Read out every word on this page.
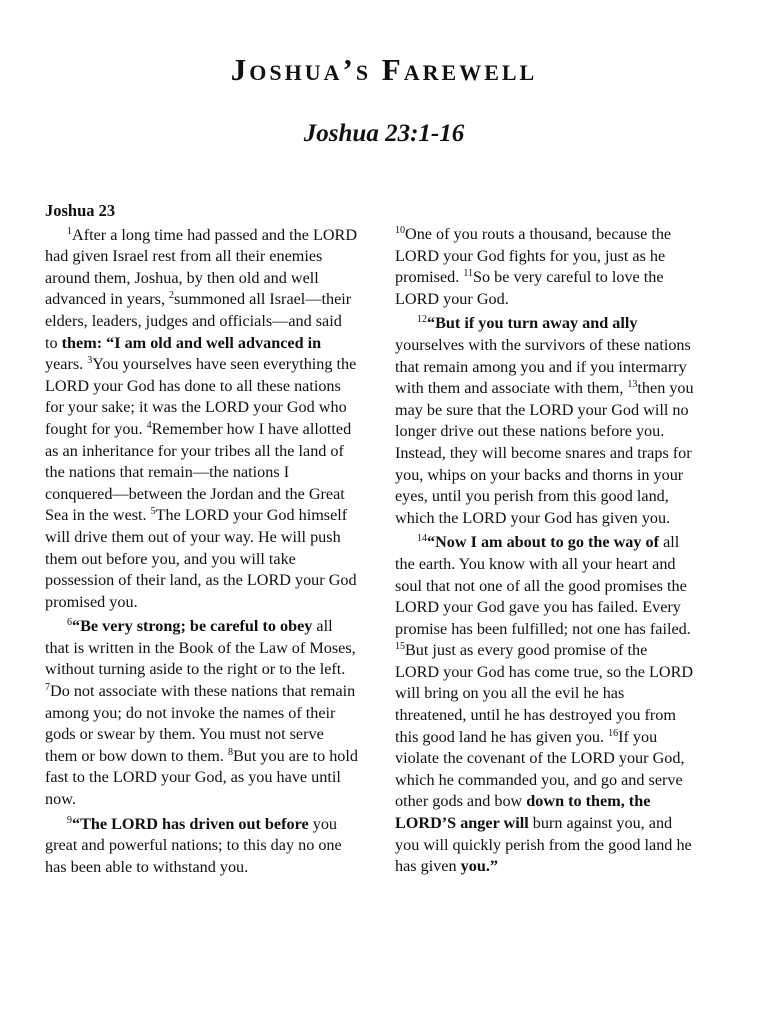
Joshua’s Farewell
Joshua 23:1-16

Joshua 23

$^1$After a long time had passed and the LORD had given Israel rest from all their enemies around them, Joshua, by then old and well advanced in years, $^2$summoned all Israel—their elders, leaders, judges and officials—and said to them: “I am old and well advanced in years. $^3$You yourselves have seen everything the LORD your God has done to all these nations for your sake; it was the LORD your God who fought for you. $^4$Remember how I have allotted as an inheritance for your tribes all the land of the nations that remain—the nations I conquered—between the Jordan and the Great Sea in the west. $^5$The LORD your God himself will drive them out of your way. He will push them out before you, and you will take possession of their land, as the LORD your God promised you.

$^6$“Be very strong; be careful to obey all that is written in the Book of the Law of Moses, without turning aside to the right or to the left. $^7$Do not associate with these nations that remain among you; do not invoke the names of their gods or swear by them. You must not serve them or bow down to them. $^8$But you are to hold fast to the LORD your God, as you have until now.

$^9$“The LORD has driven out before you great and powerful nations; to this day no one has been able to withstand you.

$^{10}$One of you routs a thousand, because the LORD your God fights for you, just as he promised. $^{11}$So be very careful to love the LORD your God.

$^{12}$“But if you turn away and ally yourselves with the survivors of these nations that remain among you and if you intermarry with them and associate with them, $^{13}$then you may be sure that the LORD your God will no longer drive out these nations before you. Instead, they will become snares and traps for you, whips on your backs and thorns in your eyes, until you perish from this good land, which the LORD your God has given you.

$^{14}$“Now I am about to go the way of all the earth. You know with all your heart and soul that not one of all the good promises the LORD your God gave you has failed. Every promise has been fulfilled; not one has failed. $^{15}$But just as every good promise of the LORD your God has come true, so the LORD will bring on you all the evil he has threatened, until he has destroyed you from this good land he has given you. $^{16}$If you violate the covenant of the LORD your God, which he commanded you, and go and serve other gods and bow down to them, the LORD’S anger will burn against you, and you will quickly perish from the good land he has given you.”
